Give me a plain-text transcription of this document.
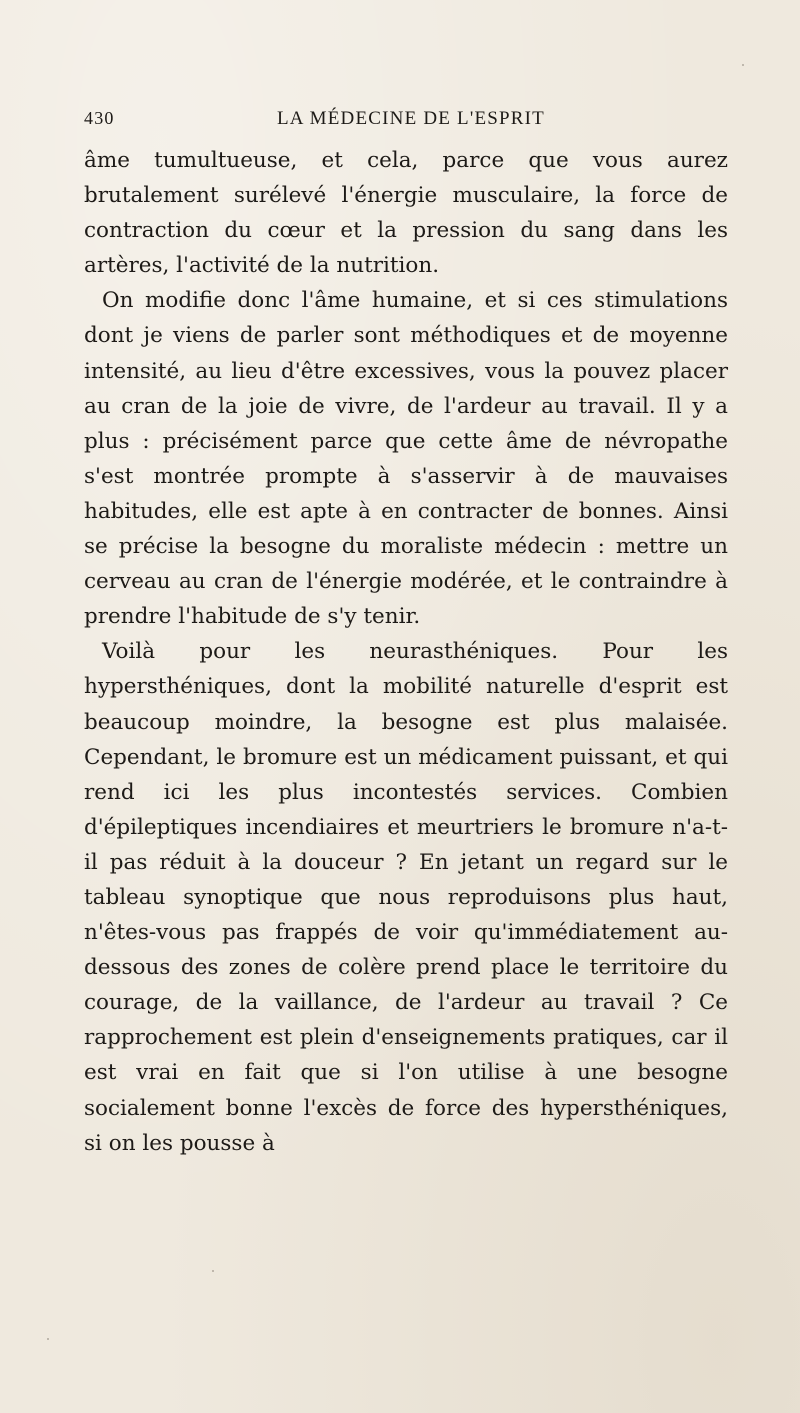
430	LA MÉDECINE DE L'ESPRIT

âme tumultueuse, et cela, parce que vous aurez brutalement surélevé l'énergie musculaire, la force de contraction du cœur et la pression du sang dans les artères, l'activité de la nutrition.

On modifie donc l'âme humaine, et si ces stimulations dont je viens de parler sont méthodiques et de moyenne intensité, au lieu d'être excessives, vous la pouvez placer au cran de la joie de vivre, de l'ardeur au travail. Il y a plus : précisément parce que cette âme de névropathe s'est montrée prompte à s'asservir à de mauvaises habitudes, elle est apte à en contracter de bonnes. Ainsi se précise la besogne du moraliste médecin : mettre un cerveau au cran de l'énergie modérée, et le contraindre à prendre l'habitude de s'y tenir.

Voilà pour les neurasthéniques. Pour les hypersthéniques, dont la mobilité naturelle d'esprit est beaucoup moindre, la besogne est plus malaisée. Cependant, le bromure est un médicament puissant, et qui rend ici les plus incontestés services. Combien d'épileptiques incendiaires et meurtriers le bromure n'a-t-il pas réduit à la douceur ? En jetant un regard sur le tableau synoptique que nous reproduisons plus haut, n'êtes-vous pas frappés de voir qu'immédiatement au-dessous des zones de colère prend place le territoire du courage, de la vaillance, de l'ardeur au travail ? Ce rapprochement est plein d'enseignements pratiques, car il est vrai en fait que si l'on utilise à une besogne socialement bonne l'excès de force des hypersthéniques, si on les pousse à
